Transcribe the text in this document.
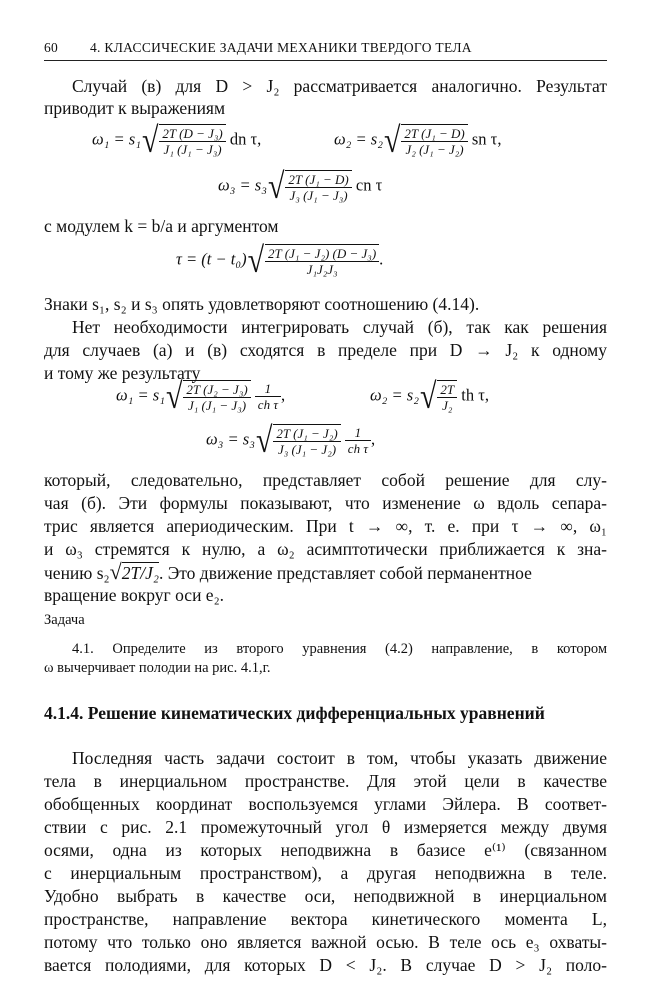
60 4. КЛАССИЧЕСКИЕ ЗАДАЧИ МЕХАНИКИ ТВЕРДОГО ТЕЛА
Случай (в) для D > J₂ рассматривается аналогично. Результат
приводит к выражениям
$\omega_1 = s_1√ \frac{\text{2T (D − J₃)}}{\text{J₁ (J₁ − J₃)}}$ dn τ,	$\omega_2 = s_2√ \frac{\text{2T (J₁ − D)}}{\text{J₂ (J₁ − J₂)}}$ sn τ,
$\omega_3 = s_3√ \frac{\text{2T (J₁ − D)}}{\text{J₃ (J₁ − J₃)}}$ cn τ
с модулем k = b/a и аргументом
$\tau = (t - t_0)√ \frac{\text{2T (J₁ − J₂) (D − J₃)}}{\text{J₁J₂J₃}}$ .
Знаки s₁, s₂ и s₃ опять удовлетворяют соотношению (4.14).
Нет необходимости интегрировать случай (б), так как решения
для случаев (а) и (в) сходятся в пределе при D → J₂ к одному
и тому же результату
$\omega_1 = s_1√ \frac{\text{2T (J₂ − J₃)}}{\text{J₁ (J₁ − J₃)}}$
$\frac{1}{\text{ch τ}}$ ,	$\omega_2 = s_2√ \frac{2T}{\text{J₂}}$ th τ,
$\omega_3 = s_3√ \frac{\text{2T (J₁ − J₂)}}{\text{J₃ (J₁ − J₂)}}$
$\frac{1}{\text{ch τ}}$ ,
который, следовательно, представляет собой решение для слу-
чая (б). Эти формулы показывают, что изменение ω вдоль сепара-
трис является апериодическим. При t → ∞, т. е. при τ → ∞, ω₁
и ω₃ стремятся к нулю, а ω₂ асимптотически приближается к зна-
чению s₂√2T/J₂. Это движение представляет собой перманентное
вращение вокруг оси e₂.
Задача
4.1. Определите из второго уравнения (4.2) направление, в котором
ω вычерчивает полодии на рис. 4.1,г.
4.1.4. Решение кинематических дифференциальных уравнений
Последняя часть задачи состоит в том, чтобы указать движение
тела в инерциальном пространстве. Для этой цели в качестве
обобщенных координат воспользуемся углами Эйлера. В соответ-
ствии с рис. 2.1 промежуточный угол θ измеряется между двумя
осями, одна из которых неподвижна в базисе e⁽¹⁾ (связанном
с инерциальным пространством), а другая неподвижна в теле.
Удобно выбрать в качестве оси, неподвижной в инерциальном
пространстве, направление вектора кинетического момента L,
потому что только оно является важной осью. В теле ось e₃ охваты-
вается полодиями, для которых D < J₂. В случае D > J₂ поло-
